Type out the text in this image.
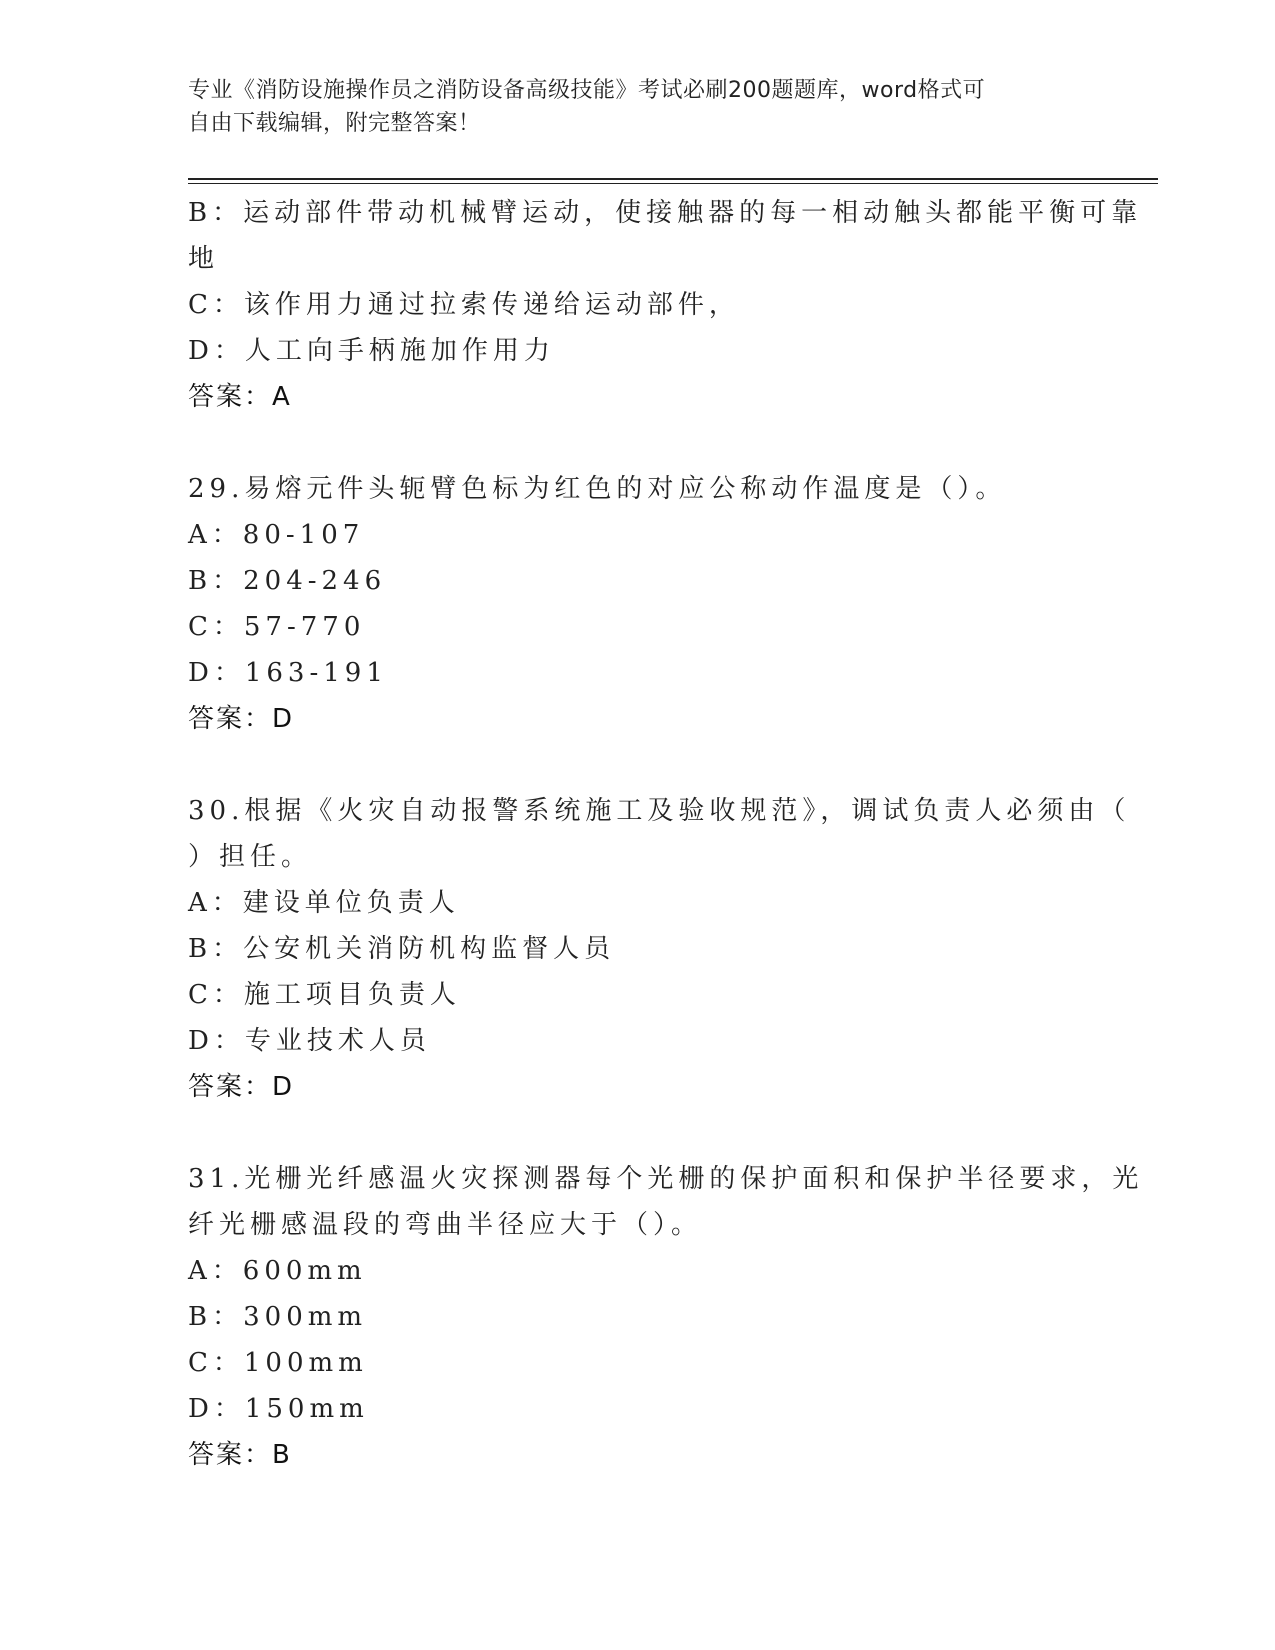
专业《消防设施操作员之消防设备高级技能》考试必刷200题题库，word格式可
自由下载编辑，附完整答案！
B：运动部件带动机械臂运动，使接触器的每一相动触头都能平衡可靠
地
C：该作用力通过拉索传递给运动部件，
D：人工向手柄施加作用力
答案：A
29.易熔元件头轭臂色标为红色的对应公称动作温度是（）。
A：80-107
B：204-246
C：57-770
D：163-191
答案：D
30.根据《火灾自动报警系统施工及验收规范》，调试负责人必须由（
）担任。
A：建设单位负责人
B：公安机关消防机构监督人员
C：施工项目负责人
D：专业技术人员
答案：D
31.光栅光纤感温火灾探测器每个光栅的保护面积和保护半径要求，光
纤光栅感温段的弯曲半径应大于（）。
A：600mm
B：300mm
C：100mm
D：150mm
答案：B
